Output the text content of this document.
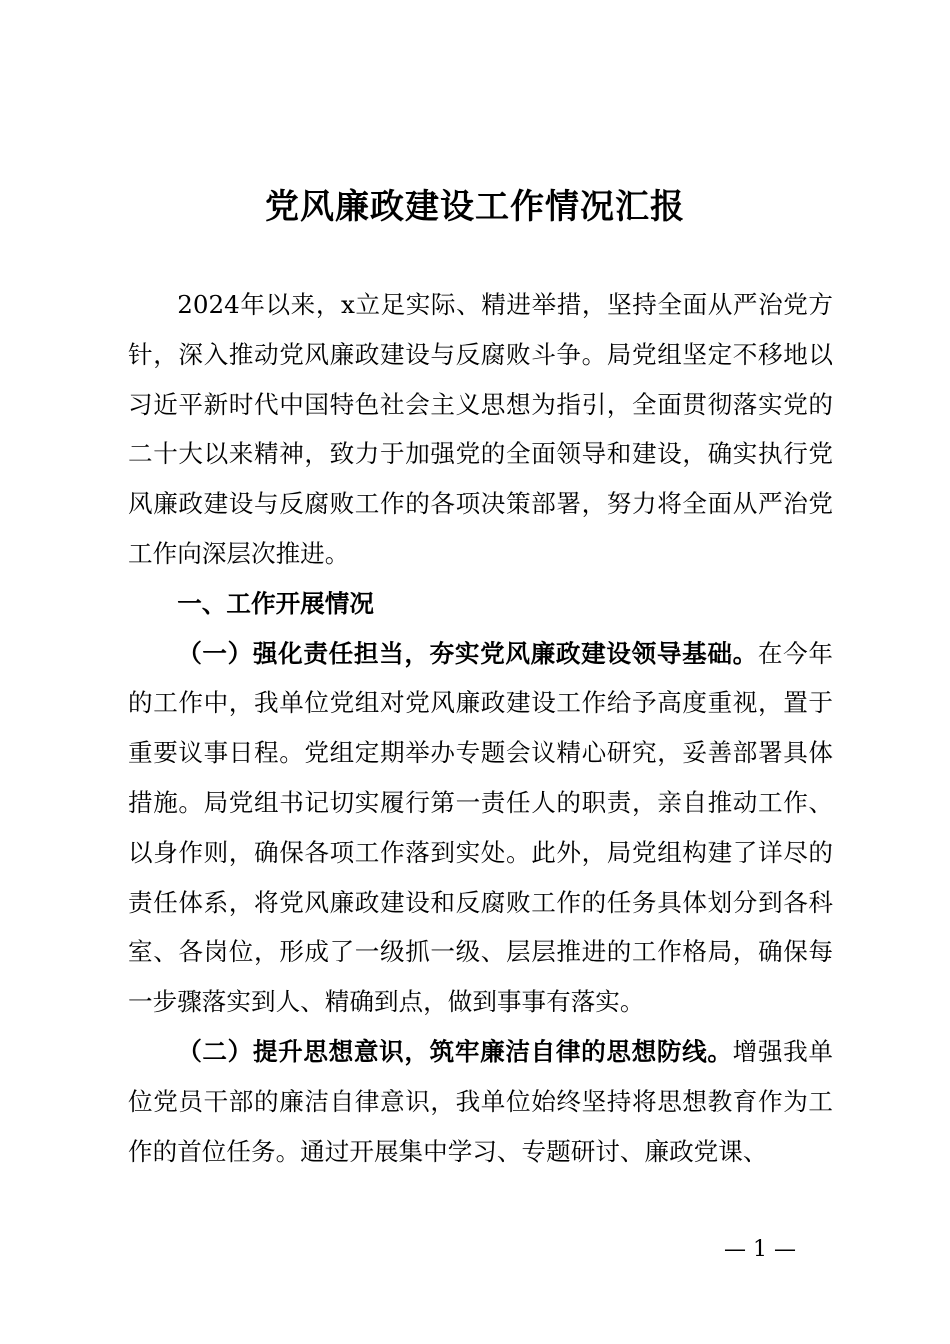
党风廉政建设工作情况汇报

2024年以来，x立足实际、精进举措，坚持全面从严治党方针，深入推动党风廉政建设与反腐败斗争。局党组坚定不移地以习近平新时代中国特色社会主义思想为指引，全面贯彻落实党的二十大以来精神，致力于加强党的全面领导和建设，确实执行党风廉政建设与反腐败工作的各项决策部署，努力将全面从严治党工作向深层次推进。

一、工作开展情况

（一）强化责任担当，夯实党风廉政建设领导基础。在今年的工作中，我单位党组对党风廉政建设工作给予高度重视，置于重要议事日程。党组定期举办专题会议精心研究，妥善部署具体措施。局党组书记切实履行第一责任人的职责，亲自推动工作、以身作则，确保各项工作落到实处。此外，局党组构建了详尽的责任体系，将党风廉政建设和反腐败工作的任务具体划分到各科室、各岗位，形成了一级抓一级、层层推进的工作格局，确保每一步骤落实到人、精确到点，做到事事有落实。

（二）提升思想意识，筑牢廉洁自律的思想防线。增强我单位党员干部的廉洁自律意识，我单位始终坚持将思想教育作为工作的首位任务。通过开展集中学习、专题研讨、廉政党课、

— 1 —
